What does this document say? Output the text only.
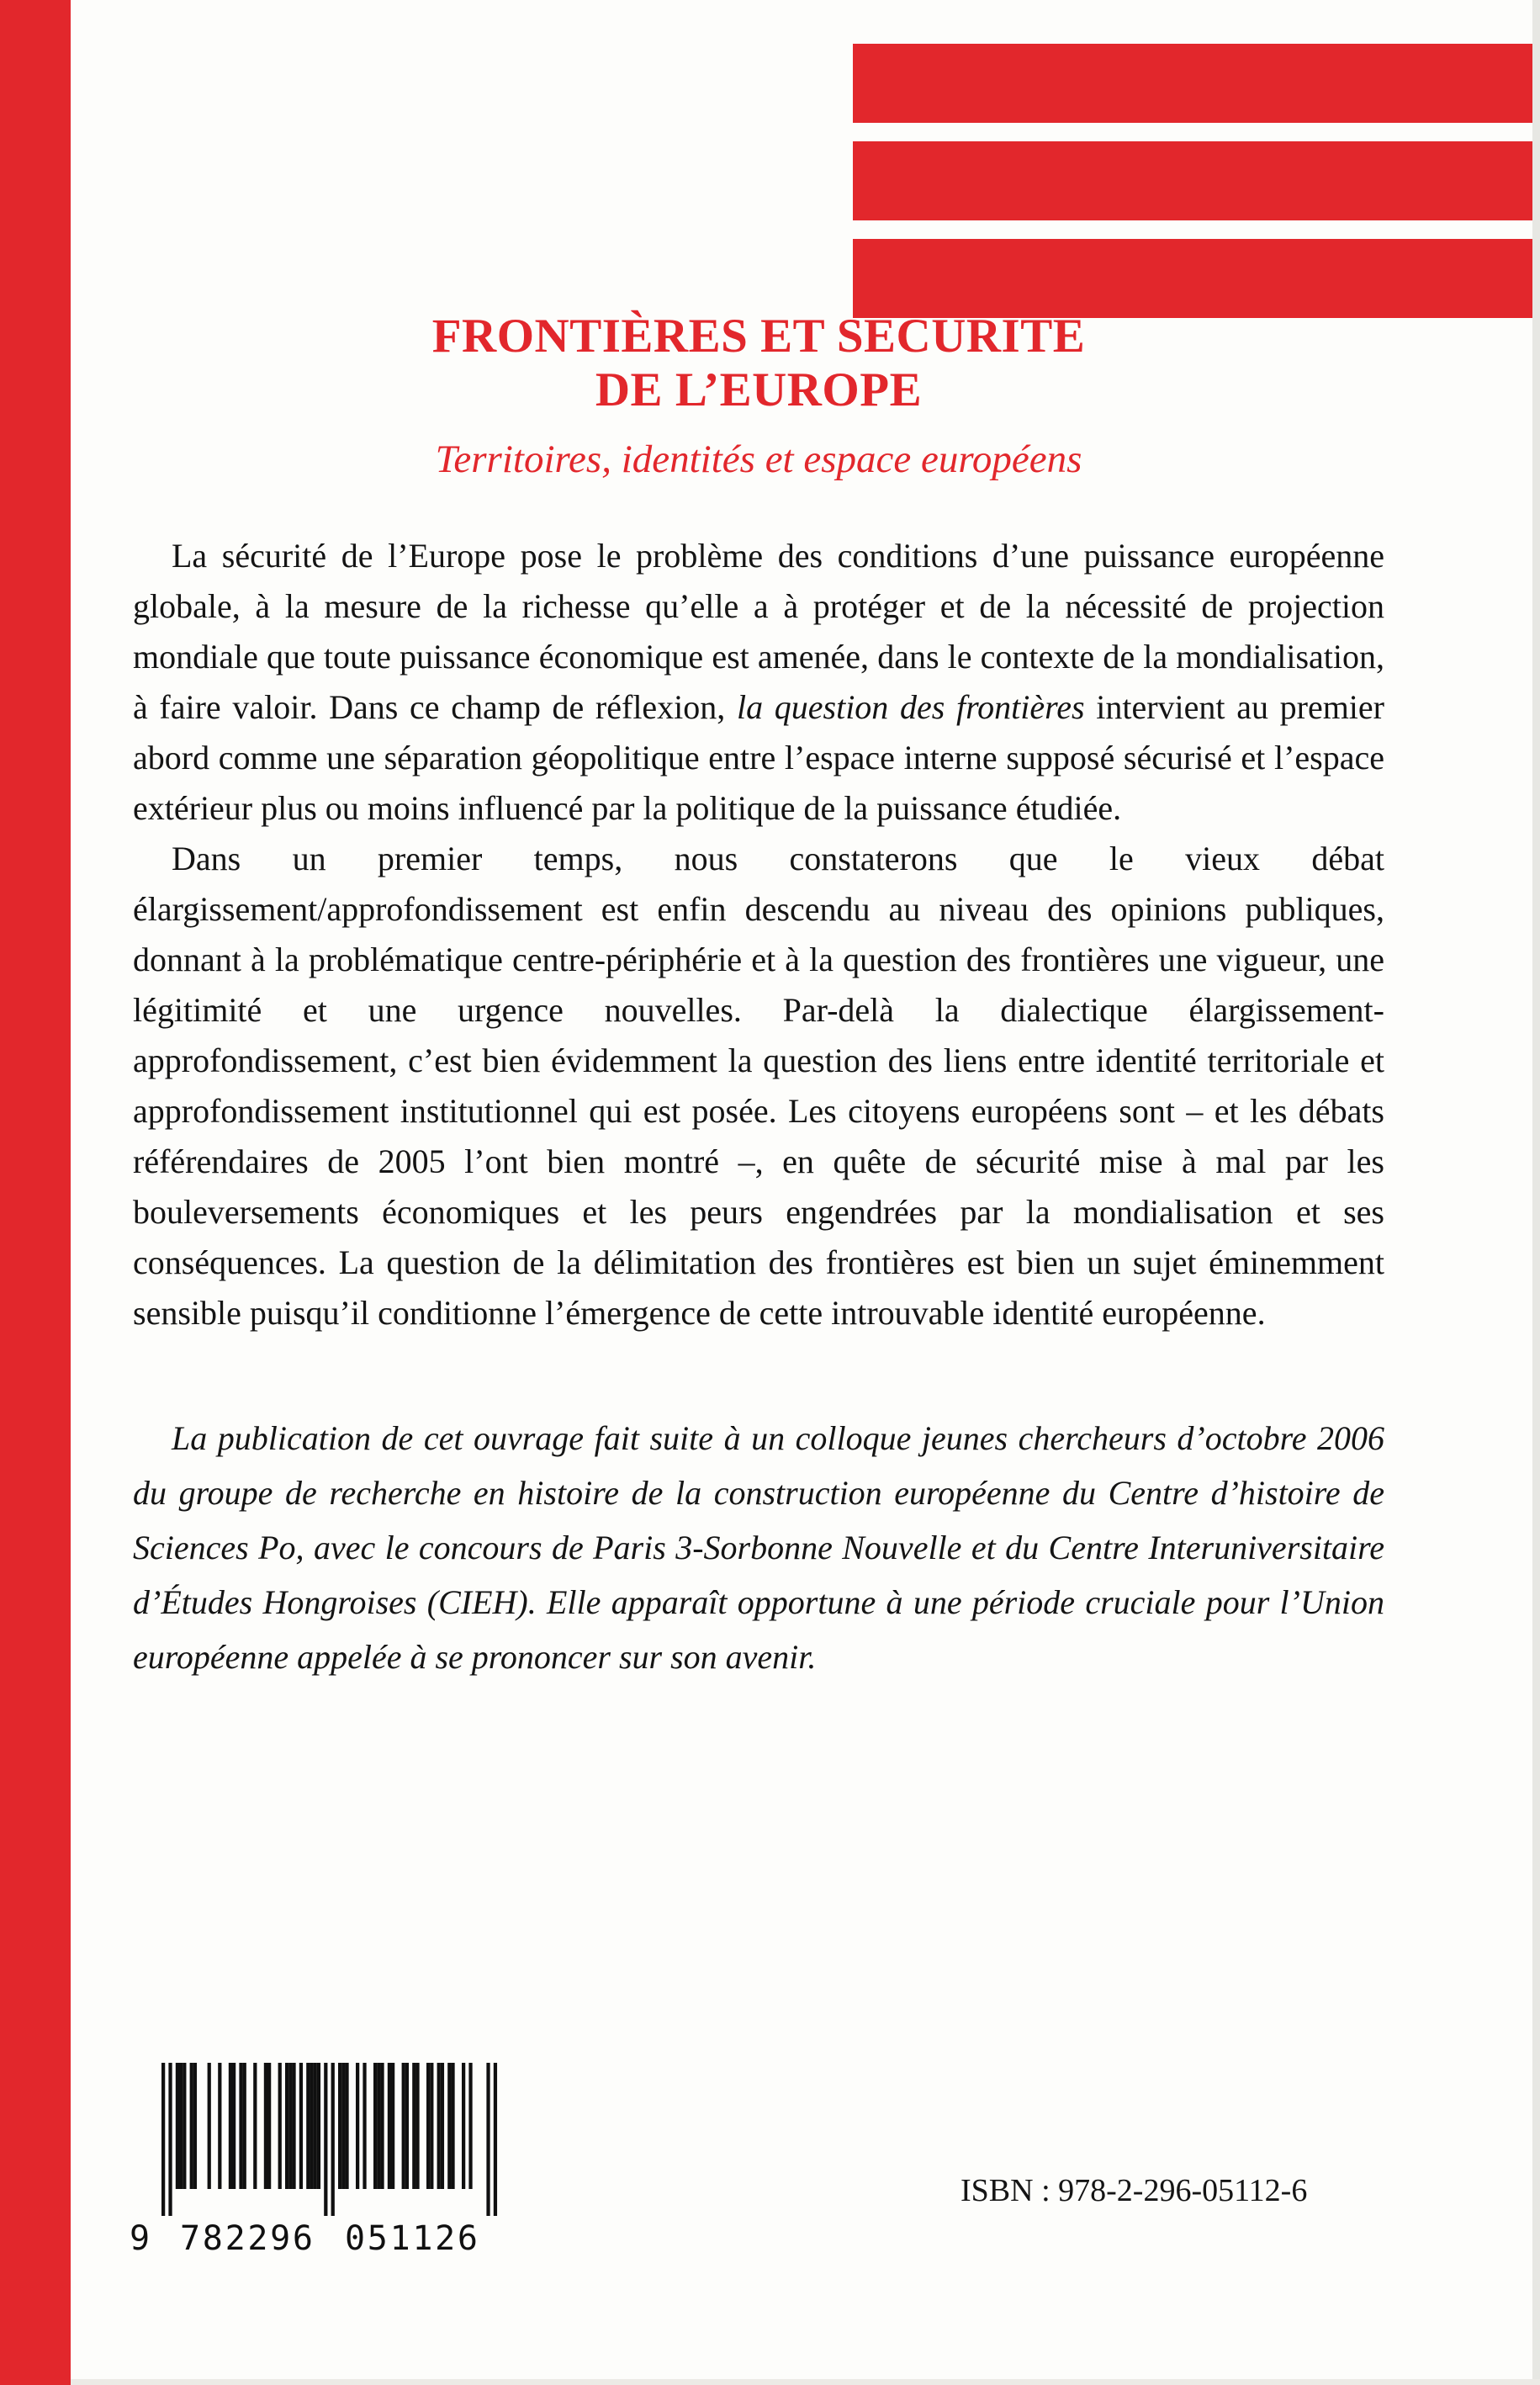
FRONTIÈRES ET SÉCURITÉ
DE L’EUROPE
Territoires, identités et espace européens

La sécurité de l’Europe pose le problème des conditions d’une puissance européenne globale, à la mesure de la richesse qu’elle a à protéger et de la nécessité de projection mondiale que toute puissance économique est amenée, dans le contexte de la mondialisation, à faire valoir. Dans ce champ de réflexion, la question des frontières intervient au premier abord comme une séparation géopolitique entre l’espace interne supposé sécurisé et l’espace extérieur plus ou moins influencé par la politique de la puissance étudiée.

Dans un premier temps, nous constaterons que le vieux débat élargissement/approfondissement est enfin descendu au niveau des opinions publiques, donnant à la problématique centre-périphérie et à la question des frontières une vigueur, une légitimité et une urgence nouvelles. Par-delà la dialectique élargissement-approfondissement, c’est bien évidemment la question des liens entre identité territoriale et approfondissement institutionnel qui est posée. Les citoyens européens sont – et les débats référendaires de 2005 l’ont bien montré –, en quête de sécurité mise à mal par les bouleversements économiques et les peurs engendrées par la mondialisation et ses conséquences. La question de la délimitation des frontières est bien un sujet éminemment sensible puisqu’il conditionne l’émergence de cette introuvable identité européenne.

La publication de cet ouvrage fait suite à un colloque jeunes chercheurs d’octobre 2006 du groupe de recherche en histoire de la construction européenne du Centre d’histoire de Sciences Po, avec le concours de Paris 3-Sorbonne Nouvelle et du Centre Interuniversitaire d’Études Hongroises (CIEH). Elle apparaît opportune à une période cruciale pour l’Union européenne appelée à se prononcer sur son avenir.

9 782296 051126
ISBN : 978-2-296-05112-6
